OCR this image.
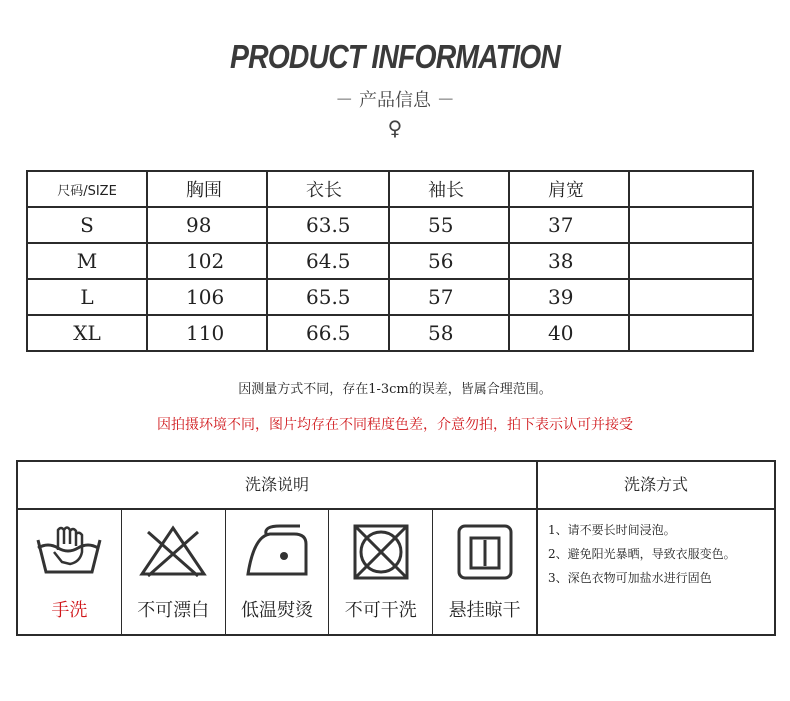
PRODUCT INFORMATION
－ 产品信息 －
♀
尺码/SIZE	胸围	衣长	袖长	肩宽	
S	98	63.5	55	37	
M	102	64.5	56	38	
L	106	65.5	57	39	
XL	110	66.5	58	40	
因测量方式不同，存在1-3cm的误差，皆属合理范围。
因拍摄环境不同，图片均存在不同程度色差，介意勿拍，拍下表示认可并接受
洗涤说明	洗涤方式
手洗	不可漂白	低温熨烫	不可干洗	悬挂晾干
1、请不要长时间浸泡。
2、避免阳光暴晒，导致衣服变色。
3、深色衣物可加盐水进行固色
